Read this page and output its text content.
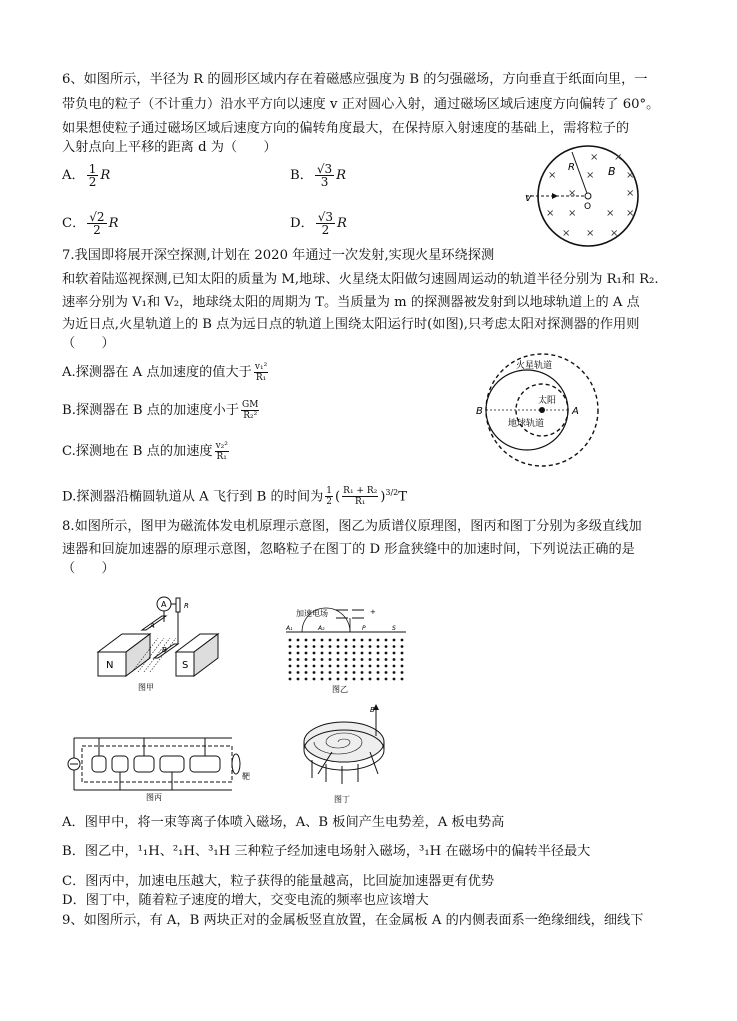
6、如图所示，半径为 R 的圆形区域内存在着磁感应强度为 B 的匀强磁场，方向垂直于纸面向里，一
带负电的粒子（不计重力）沿水平方向以速度 v 正对圆心入射，通过磁场区域后速度方向偏转了 60°。
如果想使粒子通过磁场区域后速度方向的偏转角度最大，在保持原入射速度的基础上，需将粒子的
入射点向上平移的距离 d 为（　　）
A． $\frac{1}{2}$ R	B． $\frac{√3}{3}$ R
C． $\frac{√2}{2}$ R	D． $\frac{√3}{2}$ R
v
R	B
O
× ×
×	×	×
× ×	× ×
× × ×
×	×
7.我国即将展开深空探测,计划在 2020 年通过一次发射,实现火星环绕探测
和软着陆巡视探测,已知太阳的质量为 M,地球、火星绕太阳做匀速圆周运动的轨道半径分别为 R₁和 R₂.
速率分别为 V₁和 V₂，地球绕太阳的周期为 T。当质量为 m 的探测器被发射到以地球轨道上的 A 点
为近日点,火星轨道上的 B 点为远日点的轨道上围绕太阳运行时(如图),只考虑太阳对探测器的作用则
（　　）
A.探测器在 A 点加速度的值大于 $\frac{\text{v₁²}}{\text{R₁}}$
B.探测器在 B 点的加速度小于 $\frac{GM}{\text{R₂²}}$
C.探测地在 B 点的加速度 $\frac{\text{v₂²}}{\text{R₁}}$
D.探测器沿椭圆轨道从 A 飞行到 B 的时间为 $\frac{1}{2}$ ( $\frac{\text{R₁ + R₂}}{\text{R₁}} )^{3/2}T$
火星轨道
太阳
地球轨道
B	A
8.如图所示，图甲为磁流体发电机原理示意图，图乙为质谱仪原理图，图丙和图丁分别为多级直线加
速器和回旋加速器的原理示意图，忽略粒子在图丁的 D 形盒狭缝中的加速时间，下列说法正确的是
（　　）
N	S
A
B
A	R
图甲
加速电场	+
A₁	A₂	P	S
图乙
靶
图丙
B
图丁
A．图甲中，将一束等离子体喷入磁场，A、B 板间产生电势差，A 板电势高
B．图乙中，¹₁H、²₁H、³₁H 三种粒子经加速电场射入磁场，³₁H 在磁场中的偏转半径最大
C．图丙中，加速电压越大，粒子获得的能量越高，比回旋加速器更有优势
D．图丁中，随着粒子速度的增大，交变电流的频率也应该增大
9、如图所示，有 A，B 两块正对的金属板竖直放置，在金属板 A 的内侧表面系一绝缘细线，细线下
